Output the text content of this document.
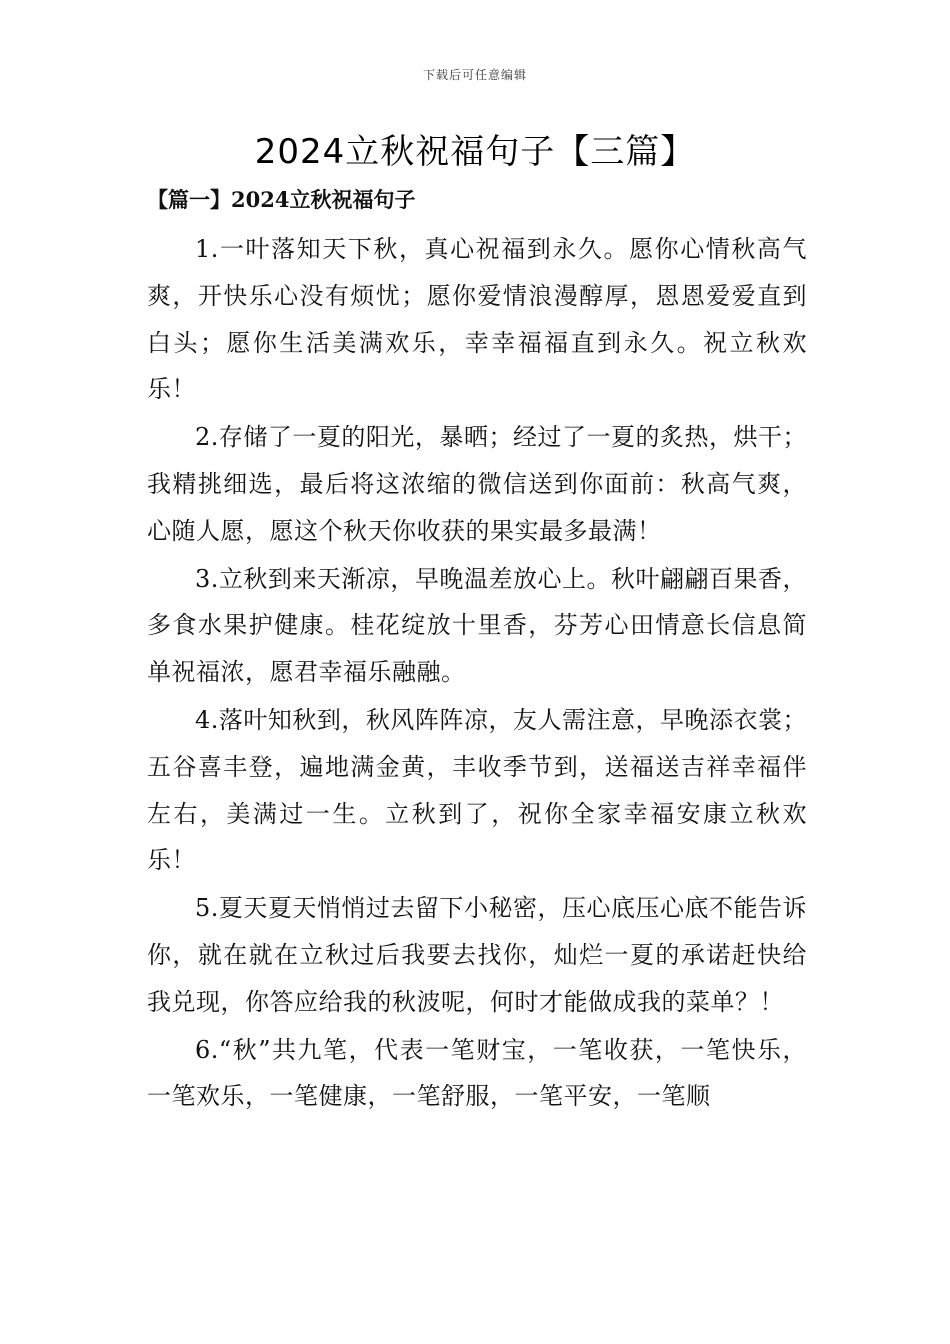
下载后可任意编辑
2024立秋祝福句子【三篇】
【篇一】2024立秋祝福句子

1.一叶落知天下秋，真心祝福到永久。愿你心情秋高气爽，开快乐心没有烦忧；愿你爱情浪漫醇厚，恩恩爱爱直到白头；愿你生活美满欢乐，幸幸福福直到永久。祝立秋欢乐！

2.存储了一夏的阳光，暴晒；经过了一夏的炙热，烘干；我精挑细选，最后将这浓缩的微信送到你面前：秋高气爽，心随人愿，愿这个秋天你收获的果实最多最满！

3.立秋到来天渐凉，早晚温差放心上。秋叶翩翩百果香，多食水果护健康。桂花绽放十里香，芬芳心田情意长信息简单祝福浓，愿君幸福乐融融。

4.落叶知秋到，秋风阵阵凉，友人需注意，早晚添衣裳；五谷喜丰登，遍地满金黄，丰收季节到，送福送吉祥幸福伴左右，美满过一生。立秋到了，祝你全家幸福安康立秋欢乐！

5.夏天夏天悄悄过去留下小秘密，压心底压心底不能告诉你，就在就在立秋过后我要去找你，灿烂一夏的承诺赶快给我兑现，你答应给我的秋波呢，何时才能做成我的菜单？！

6.“秋”共九笔，代表一笔财宝，一笔收获，一笔快乐，一笔欢乐，一笔健康，一笔舒服，一笔平安，一笔顺
